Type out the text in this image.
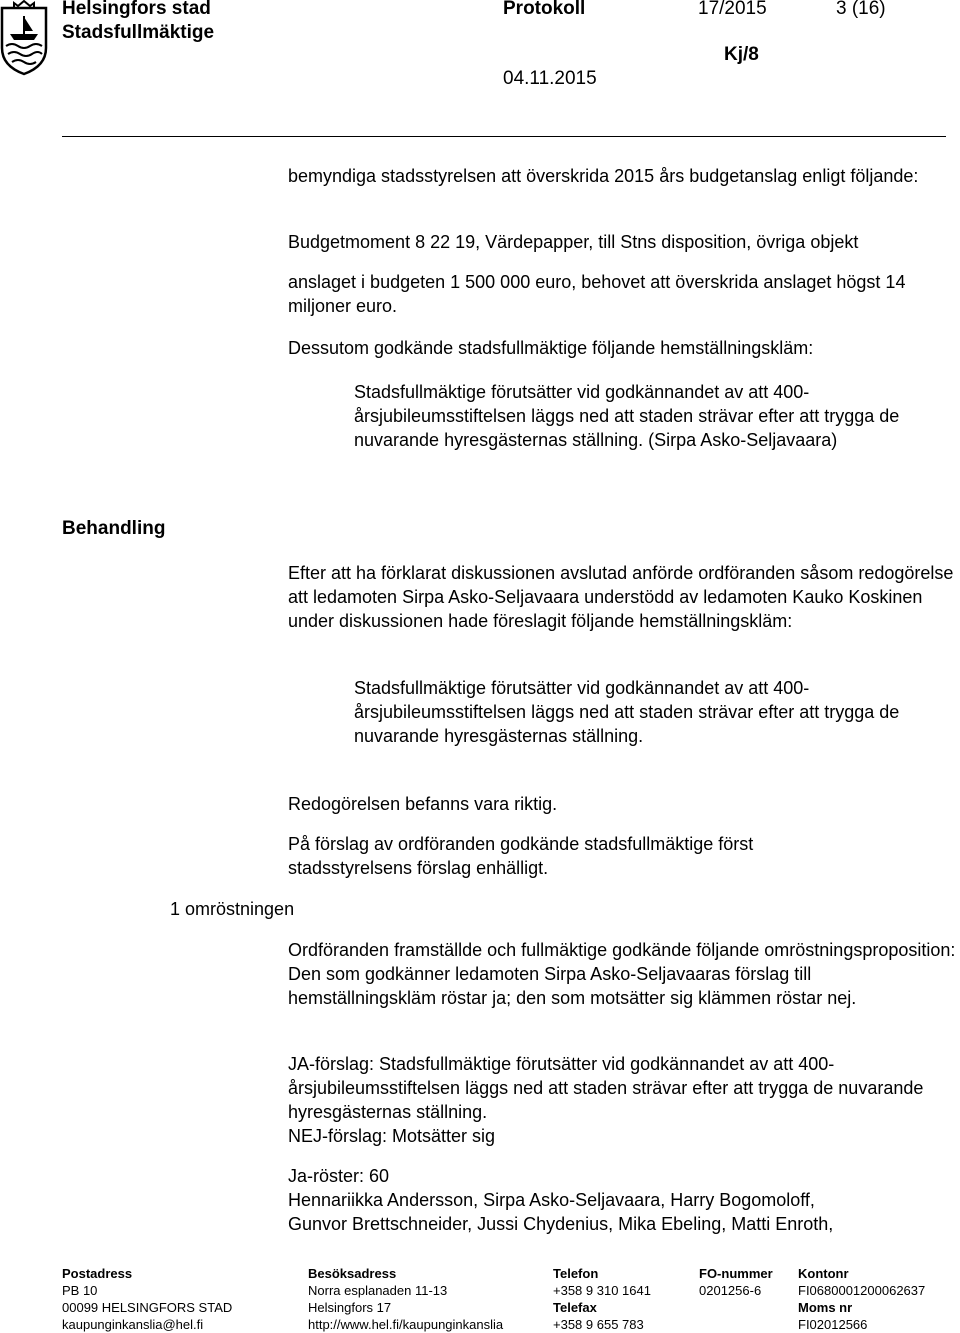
Helsingfors stad
Stadsfullmäktige
Protokoll	17/2015	3 (16)
Kj/8
04.11.2015

bemyndiga stadsstyrelsen att överskrida 2015 års budgetanslag enligt följande:

Budgetmoment 8 22 19, Värdepapper, till Stns disposition, övriga objekt

anslaget i budgeten 1 500 000 euro, behovet att överskrida anslaget högst 14 miljoner euro.

Dessutom godkände stadsfullmäktige följande hemställningskläm:

Stadsfullmäktige förutsätter vid godkännandet av att 400-årsjubileumsstiftelsen läggs ned att staden strävar efter att trygga de nuvarande hyresgästernas ställning. (Sirpa Asko-Seljavaara)

Behandling

Efter att ha förklarat diskussionen avslutad anförde ordföranden såsom redogörelse att ledamoten Sirpa Asko-Seljavaara understödd av ledamoten Kauko Koskinen under diskussionen hade föreslagit följande hemställningskläm:

Stadsfullmäktige förutsätter vid godkännandet av att 400-årsjubileumsstiftelsen läggs ned att staden strävar efter att trygga de nuvarande hyresgästernas ställning.

Redogörelsen befanns vara riktig.

På förslag av ordföranden godkände stadsfullmäktige först stadsstyrelsens förslag enhälligt.

1 omröstningen

Ordföranden framställde och fullmäktige godkände följande omröstningsproposition: Den som godkänner ledamoten Sirpa Asko-Seljavaaras förslag till hemställningskläm röstar ja; den som motsätter sig klämmen röstar nej.

JA-förslag: Stadsfullmäktige förutsätter vid godkännandet av att 400-årsjubileumsstiftelsen läggs ned att staden strävar efter att trygga de nuvarande hyresgästernas ställning.

NEJ-förslag: Motsätter sig

Ja-röster: 60

Hennariikka Andersson, Sirpa Asko-Seljavaara, Harry Bogomoloff,

Gunvor Brettschneider, Jussi Chydenius, Mika Ebeling, Matti Enroth,

Postadress
PB 10
00099 HELSINGFORS STAD
kaupunginkanslia@hel.fi
Besöksadress
Norra esplanaden 11-13
Helsingfors 17
http://www.hel.fi/kaupunginkanslia
Telefon
+358 9 310 1641
Telefax
+358 9 655 783
FO-nummer
0201256-6
Kontonr
FI0680001200062637
Moms nr
FI02012566
